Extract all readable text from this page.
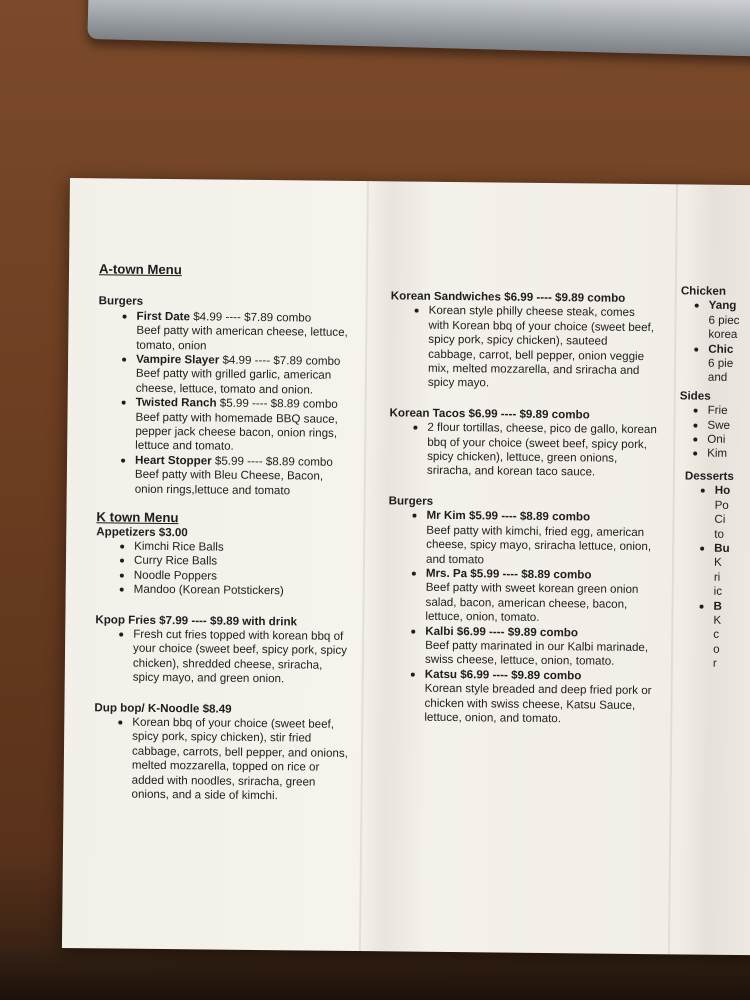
A-town Menu
Burgers
First Date $4.99 ---- $7.89 combo
Beef patty with american cheese, lettuce, tomato, onion
Vampire Slayer $4.99 ---- $7.89 combo
Beef patty with grilled garlic, american cheese, lettuce, tomato and onion.
Twisted Ranch $5.99 ---- $8.89 combo
Beef patty with homemade BBQ sauce, pepper jack cheese bacon, onion rings, lettuce and tomato.
Heart Stopper $5.99 ---- $8.89 combo
Beef patty with Bleu Cheese, Bacon, onion rings,lettuce and tomato
K town Menu
Appetizers $3.00
Kimchi Rice Balls
Curry Rice Balls
Noodle Poppers
Mandoo (Korean Potstickers)
Kpop Fries $7.99 ---- $9.89 with drink
Fresh cut fries topped with korean bbq of your choice (sweet beef, spicy pork, spicy chicken), shredded cheese, sriracha, spicy mayo, and green onion.
Dup bop/ K-Noodle $8.49
Korean bbq of your choice (sweet beef, spicy pork, spicy chicken), stir fried cabbage, carrots, bell pepper, and onions, melted mozzarella, topped on rice or added with noodles, sriracha, green onions, and a side of kimchi.
Korean Sandwiches $6.99 ---- $9.89 combo
Korean style philly cheese steak, comes with Korean bbq of your choice (sweet beef, spicy pork, spicy chicken), sauteed cabbage, carrot, bell pepper, onion veggie mix, melted mozzarella, and sriracha and spicy mayo.
Korean Tacos $6.99 ---- $9.89 combo
2 flour tortillas, cheese, pico de gallo, korean bbq of your choice (sweet beef, spicy pork, spicy chicken), lettuce, green onions, sriracha, and korean taco sauce.
Burgers
Mr Kim $5.99 ---- $8.89 combo
Beef patty with kimchi, fried egg, american cheese, spicy mayo, sriracha lettuce, onion, and tomato
Mrs. Pa $5.99 ---- $8.89 combo
Beef patty with sweet korean green onion salad, bacon, american cheese, bacon, lettuce, onion, tomato.
Kalbi $6.99 ---- $9.89 combo
Beef patty marinated in our Kalbi marinade, swiss cheese, lettuce, onion, tomato.
Katsu $6.99 ---- $9.89 combo
Korean style breaded and deep fried pork or chicken with swiss cheese, Katsu Sauce, lettuce, onion, and tomato.
Chicken
Yang
6 piec
korea
Chic
6 pie
and
Sides
Frie
Swe
Oni
Kim
Desserts
Ho
Po
Ci
to
Bu
K
ri
ic
B
K
c
o
r
